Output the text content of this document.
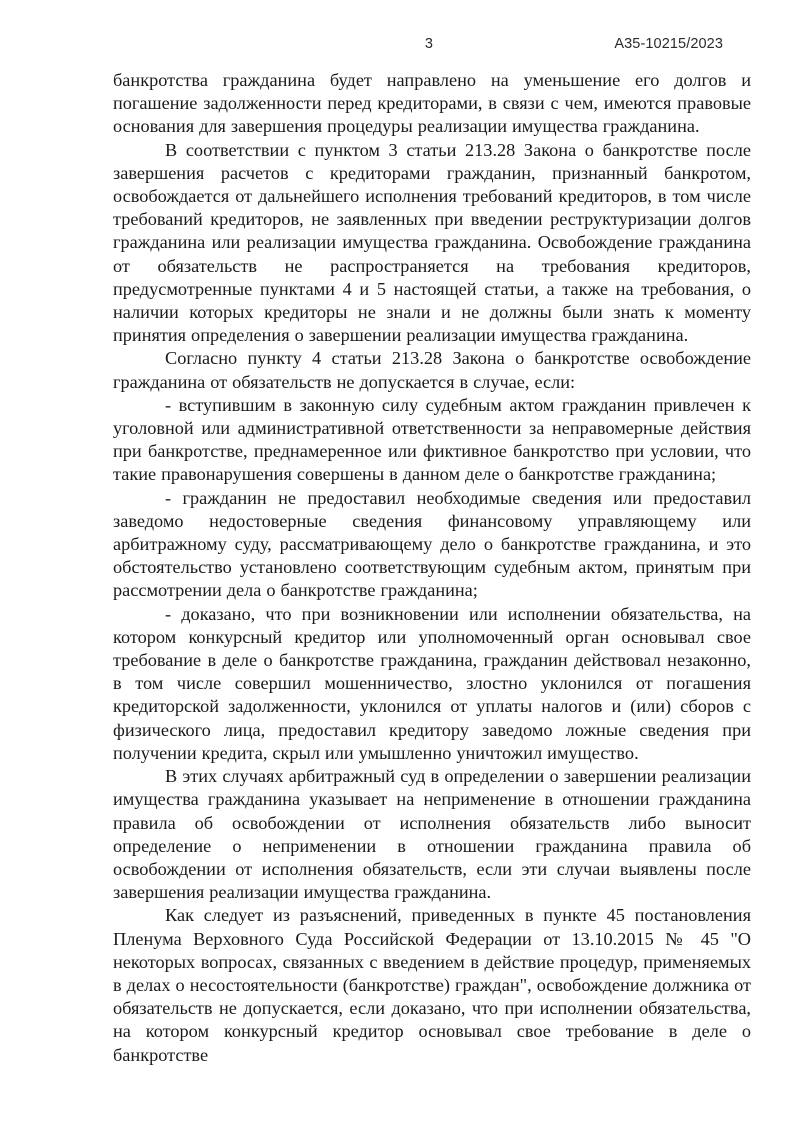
3	А35-10215/2023

банкротства гражданина будет направлено на уменьшение его долгов и погашение задолженности перед кредиторами, в связи с чем, имеются правовые основания для завершения процедуры реализации имущества гражданина.

В соответствии с пунктом 3 статьи 213.28 Закона о банкротстве после завершения расчетов с кредиторами гражданин, признанный банкротом, освобождается от дальнейшего исполнения требований кредиторов, в том числе требований кредиторов, не заявленных при введении реструктуризации долгов гражданина или реализации имущества гражданина. Освобождение гражданина от обязательств не распространяется на требования кредиторов, предусмотренные пунктами 4 и 5 настоящей статьи, а также на требования, о наличии которых кредиторы не знали и не должны были знать к моменту принятия определения о завершении реализации имущества гражданина.

Согласно пункту 4 статьи 213.28 Закона о банкротстве освобождение гражданина от обязательств не допускается в случае, если:

- вступившим в законную силу судебным актом гражданин привлечен к уголовной или административной ответственности за неправомерные действия при банкротстве, преднамеренное или фиктивное банкротство при условии, что такие правонарушения совершены в данном деле о банкротстве гражданина;

- гражданин не предоставил необходимые сведения или предоставил заведомо недостоверные сведения финансовому управляющему или арбитражному суду, рассматривающему дело о банкротстве гражданина, и это обстоятельство установлено соответствующим судебным актом, принятым при рассмотрении дела о банкротстве гражданина;

- доказано, что при возникновении или исполнении обязательства, на котором конкурсный кредитор или уполномоченный орган основывал свое требование в деле о банкротстве гражданина, гражданин действовал незаконно, в том числе совершил мошенничество, злостно уклонился от погашения кредиторской задолженности, уклонился от уплаты налогов и (или) сборов с физического лица, предоставил кредитору заведомо ложные сведения при получении кредита, скрыл или умышленно уничтожил имущество.

В этих случаях арбитражный суд в определении о завершении реализации имущества гражданина указывает на неприменение в отношении гражданина правила об освобождении от исполнения обязательств либо выносит определение о неприменении в отношении гражданина правила об освобождении от исполнения обязательств, если эти случаи выявлены после завершения реализации имущества гражданина.

Как следует из разъяснений, приведенных в пункте 45 постановления Пленума Верховного Суда Российской Федерации от 13.10.2015 № 45 "О некоторых вопросах, связанных с введением в действие процедур, применяемых в делах о несостоятельности (банкротстве) граждан", освобождение должника от обязательств не допускается, если доказано, что при исполнении обязательства, на котором конкурсный кредитор основывал свое требование в деле о банкротстве
